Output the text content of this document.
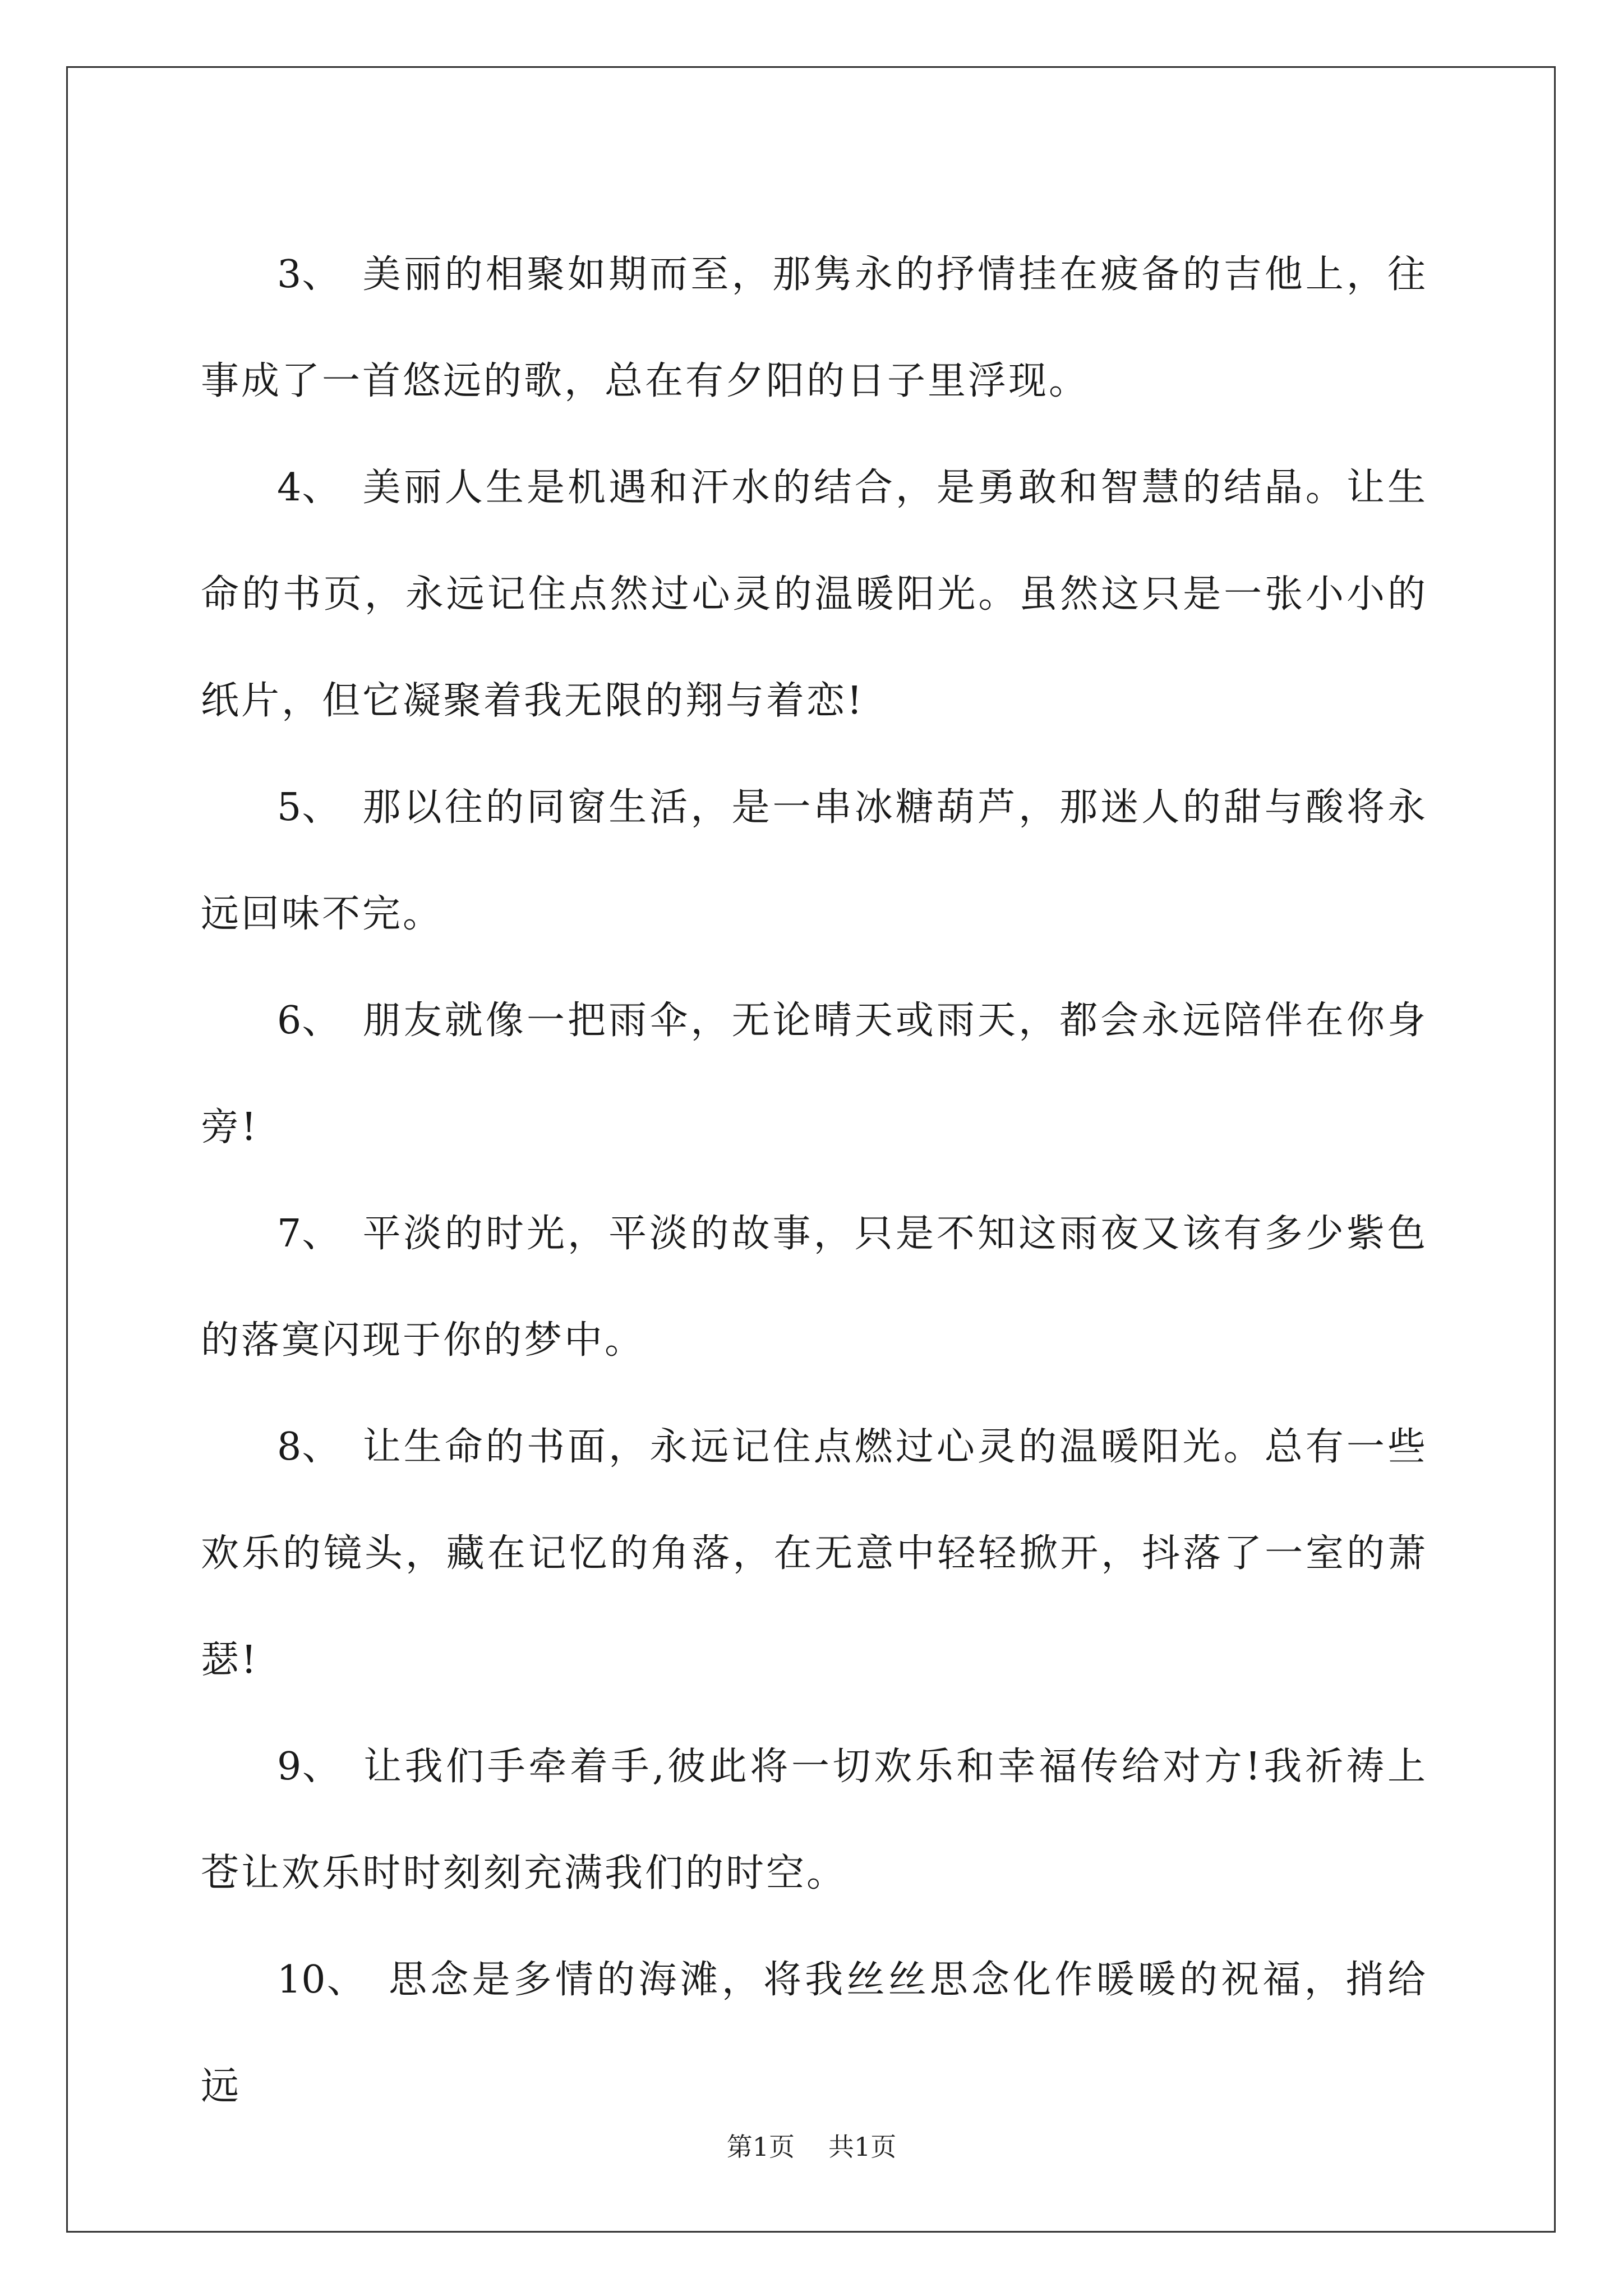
3、  美丽的相聚如期而至，那隽永的抒情挂在疲备的吉他上，往事成了一首悠远的歌，总在有夕阳的日子里浮现。

4、  美丽人生是机遇和汗水的结合，是勇敢和智慧的结晶。让生命的书页，永远记住点然过心灵的温暖阳光。虽然这只是一张小小的纸片，但它凝聚着我无限的翔与着恋!

5、  那以往的同窗生活，是一串冰糖葫芦，那迷人的甜与酸将永远回味不完。

6、  朋友就像一把雨伞，无论晴天或雨天，都会永远陪伴在你身旁!

7、  平淡的时光，平淡的故事，只是不知这雨夜又该有多少紫色的落寞闪现于你的梦中。

8、  让生命的书面，永远记住点燃过心灵的温暖阳光。总有一些欢乐的镜头，藏在记忆的角落，在无意中轻轻掀开，抖落了一室的萧瑟!

9、  让我们手牵着手,彼此将一切欢乐和幸福传给对方!我祈祷上苍让欢乐时时刻刻充满我们的时空。

10、  思念是多情的海滩，将我丝丝思念化作暖暖的祝福，捎给远

第1页 共1页
